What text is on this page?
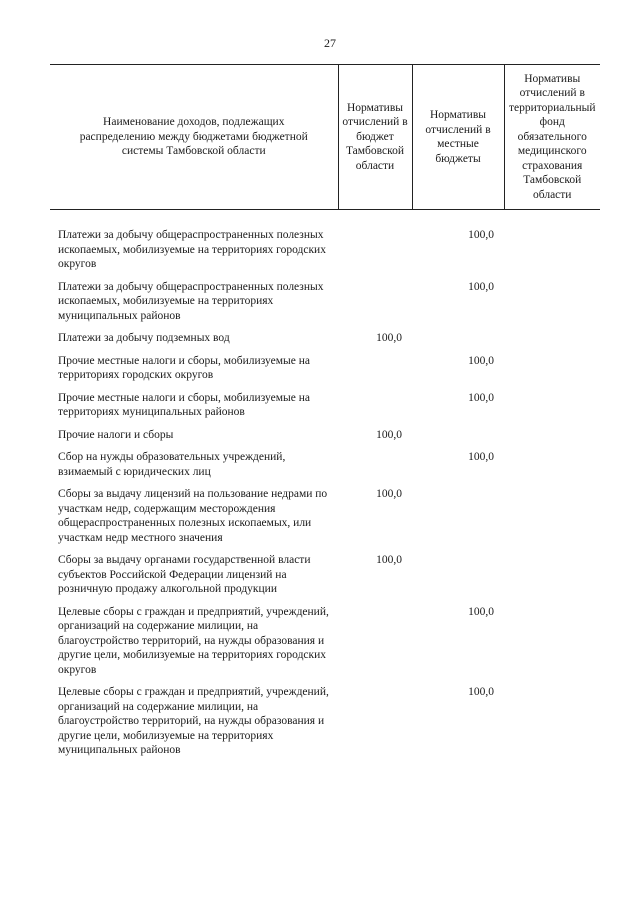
27
Наименование доходов, подлежащих распределению между бюджетами бюджетной системы Тамбовской области	Нормативы отчислений в бюджет Тамбовской области	Нормативы отчислений в местные бюджеты	Нормативы отчислений в территориальный фонд обязательного медицинского страхования Тамбовской области

Платежи за добычу общераспространенных полезных ископаемых, мобилизуемые на территориях городских округов		100,0	
Платежи за добычу общераспространенных полезных ископаемых, мобилизуемые на территориях муниципальных районов		100,0	
Платежи за добычу подземных вод	100,0		
Прочие местные налоги и сборы, мобилизуемые на территориях городских округов		100,0	
Прочие местные налоги и сборы, мобилизуемые на территориях муниципальных районов		100,0	
Прочие налоги и сборы	100,0		
Сбор на нужды образовательных учреждений, взимаемый с юридических лиц		100,0	
Сборы за выдачу лицензий на пользование недрами по участкам недр, содержащим месторождения общераспространенных полезных ископаемых, или участкам недр местного значения	100,0		
Сборы за выдачу органами государственной власти субъектов Российской Федерации лицензий на розничную продажу алкогольной продукции	100,0		
Целевые сборы с граждан и предприятий, учреждений, организаций на содержание милиции, на благоустройство территорий, на нужды образования и другие цели, мобилизуемые на территориях городских округов		100,0	
Целевые сборы с граждан и предприятий, учреждений, организаций на содержание милиции, на благоустройство территорий, на нужды образования и другие цели, мобилизуемые на территориях муниципальных районов		100,0	
